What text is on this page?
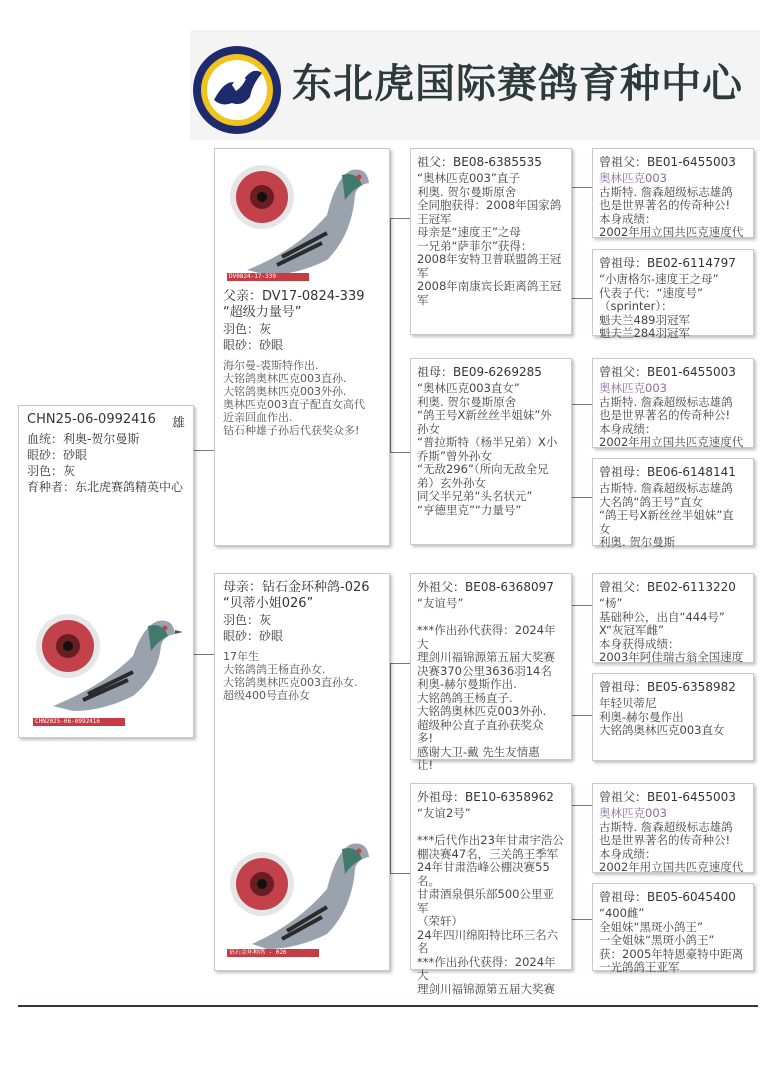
东北虎国际赛鸽育种中心
CHN25-06-0992416	雄
血统：利奥-贺尔曼斯
眼砂：砂眼
羽色：灰
育种者：东北虎赛鸽精英中心
CHN2025-06-0992416
DV0824-17-339
父亲：DV17-0824-339
“超级力量号”
羽色：灰
眼砂：砂眼
海尔曼-裘斯特作出.
大铭鸽奥林匹克003直孙.
大铭鸽奥林匹克003外孙.
奥林匹克003直子配直女高代
近亲回血作出.
钻石种雄子孙后代获奖众多!
母亲：钻石金环种鸽-026
“贝蒂小姐026”
羽色：灰
眼砂：砂眼
17年生
大铭鸽鸽王杨直孙女.
大铭鸽奥林匹克003直孙女.
超级400号直孙女
钻石金环种鸽 - 026
祖父：BE08-6385535
“奥林匹克003”直子
利奥. 贺尔曼斯原舍
全同胞获得：2008年国家鸽
王冠军
母亲是“速度王”之母
一兄弟“萨菲尔”获得：
2008年安特卫普联盟鸽王冠
军
2008年南康宾长距离鸽王冠
军
祖母：BE09-6269285
“奥林匹克003直女”
利奥. 贺尔曼斯原舍
“鸽王号X新丝丝半姐妹”外
孙女
“普拉斯特（杨半兄弟）X小
乔斯”曾外孙女
“无敌296”（所向无敌全兄
弟）玄外孙女
同父半兄弟“头名状元”
“亨德里克”“力量号”
外祖父：BE08-6368097
“友谊号”

***作出孙代获得：2024年大
理剑川福锦源第五届大奖赛
决赛370公里3636羽14名
利奥-赫尔曼斯作出.
大铭鸽鸽王杨直子.
大铭鸽奥林匹克003外孙.
超级种公直子直孙获奖众
多!
感谢大卫-戴 先生友情惠
让!
外祖母：BE10-6358962
“友谊2号”

***后代作出23年甘肃宇浩公
棚决赛47名，三关鸽王季军
24年甘肃浩峰公棚决赛55
名。
甘肃酒泉俱乐部500公里亚军
（荣轩）
24年四川绵阳特比环三名六
名
***作出孙代获得：2024年大
理剑川福锦源第五届大奖赛
曾祖父：BE01-6455003
奥林匹克003
古斯特. 詹森超级标志雄鸽
也是世界著名的传奇种公!
本身成绩：
2002年用立国共匹克速度代
曾祖母：BE02-6114797
“小唐格尔-速度王之母”
代表子代：“速度号”
（sprinter）：
魁夫兰489羽冠军
魁夫兰284羽冠军
曾祖父：BE01-6455003
奥林匹克003
古斯特. 詹森超级标志雄鸽
也是世界著名的传奇种公!
本身成绩：
2002年用立国共匹克速度代
曾祖母：BE06-6148141
古斯特. 詹森超级标志雄鸽
大名鸽“鸽王号”直女
“鸽王号X新丝丝半姐妹”直
女
利奥. 贺尔曼斯
曾祖父：BE02-6113220
“杨”
基础种公，出自“444号”
X“灰冠军雌”
本身获得成绩：
2003年阿佳瑞古翁全国速度
曾祖母：BE05-6358982
年轻贝蒂尼
利奥-赫尔曼作出
大铭鸽奥林匹克003直女
曾祖父：BE01-6455003
奥林匹克003
古斯特. 詹森超级标志雄鸽
也是世界著名的传奇种公!
本身成绩：
2002年用立国共匹克速度代
曾祖母：BE05-6045400
“400雌”
全姐妹“黑斑小鸽王”
一全姐妹“黑斑小鸽王”
获：2005年特恩豪特中距离
一光鸽鸽王亚军
